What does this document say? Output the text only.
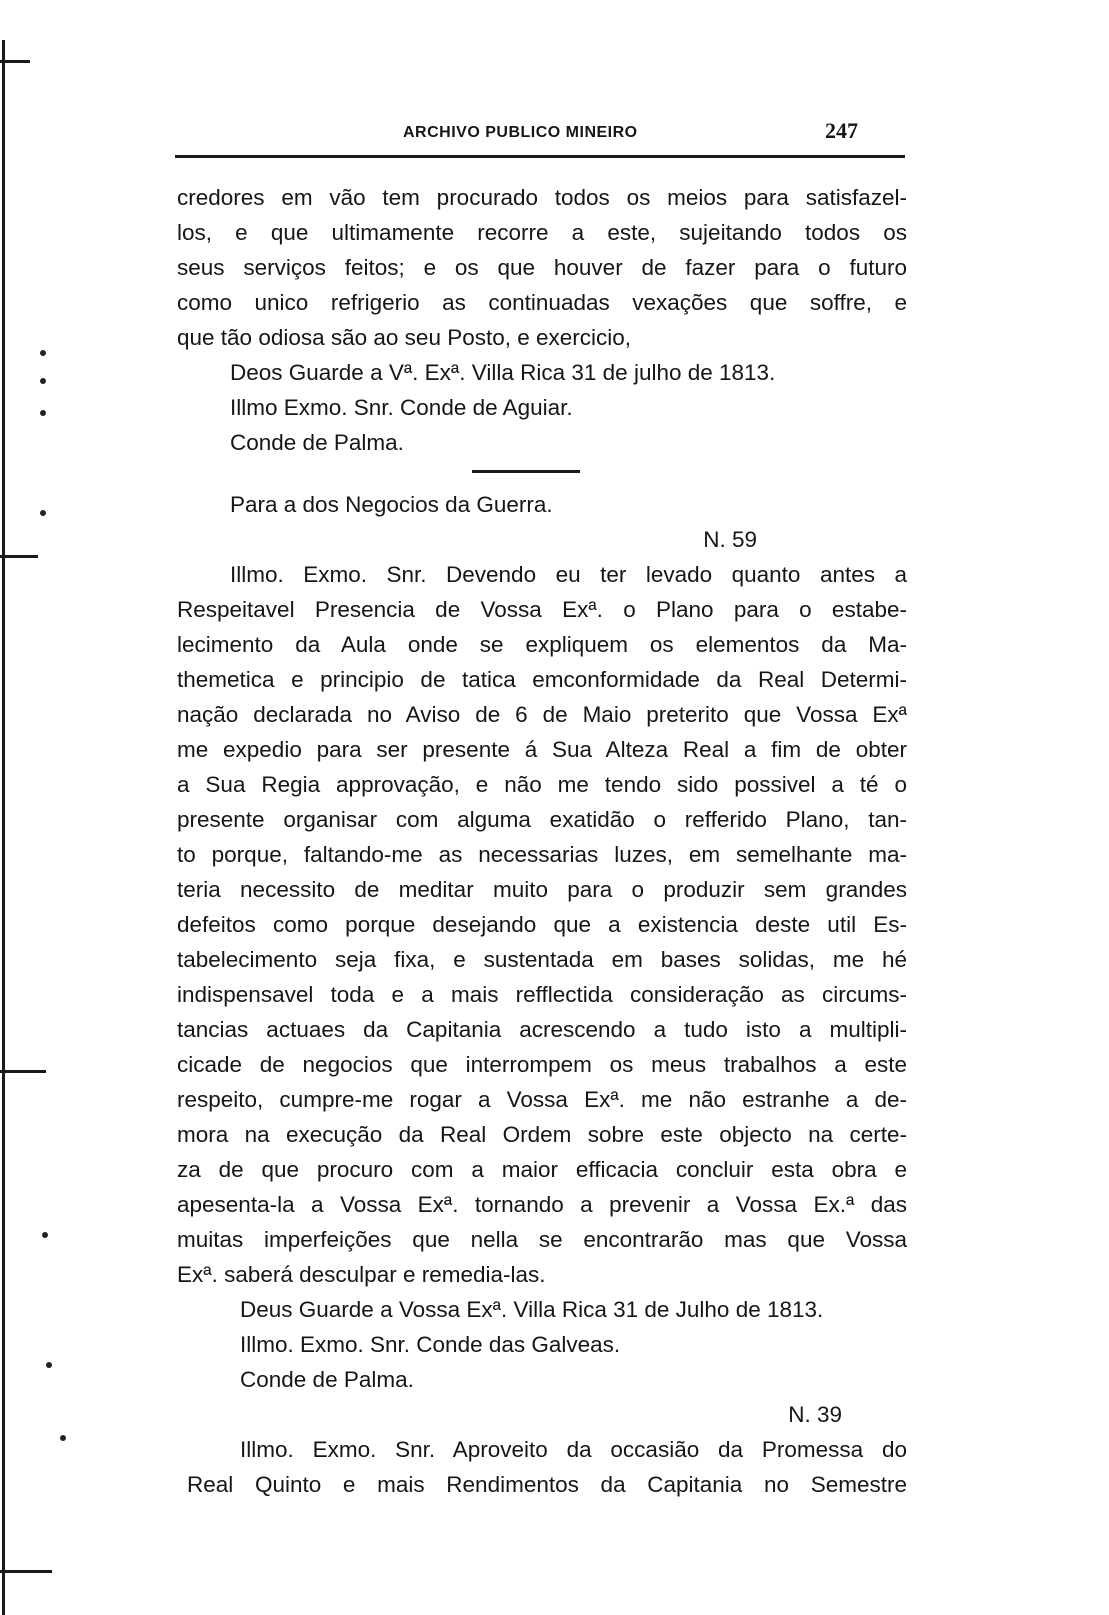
ARCHIVO PUBLICO MINEIRO	247
credores em vão tem procurado todos os meios para satisfazel-
los, e que ultimamente recorre a este, sujeitando todos os
seus serviços feitos; e os que houver de fazer para o futuro
como unico refrigerio as continuadas vexações que soffre, e
que tão odiosa são ao seu Posto, e exercicio,
Deos Guarde a Vª. Exª. Villa Rica 31 de julho de 1813.
Illmo Exmo. Snr. Conde de Aguiar.
Conde de Palma.
Para a dos Negocios da Guerra.
N. 59
Illmo. Exmo. Snr. Devendo eu ter levado quanto antes a
Respeitavel Presencia de Vossa Exª. o Plano para o estabe-
lecimento da Aula onde se expliquem os elementos da Ma-
themetica e principio de tatica emconformidade da Real Determi-
nação declarada no Aviso de 6 de Maio preterito que Vossa Exª
me expedio para ser presente á Sua Alteza Real a fim de obter
a Sua Regia approvação, e não me tendo sido possivel a té o
presente organisar com alguma exatidão o refferido Plano, tan-
to porque, faltando-me as necessarias luzes, em semelhante ma-
teria necessito de meditar muito para o produzir sem grandes
defeitos como porque desejando que a existencia deste util Es-
tabelecimento seja fixa, e sustentada em bases solidas, me hé
indispensavel toda e a mais refflectida consideração as circums-
tancias actuaes da Capitania acrescendo a tudo isto a multipli-
cicade de negocios que interrompem os meus trabalhos a este
respeito, cumpre-me rogar a Vossa Exª. me não estranhe a de-
mora na execução da Real Ordem sobre este objecto na certe-
za de que procuro com a maior efficacia concluir esta obra e
apesenta-la a Vossa Exª. tornando a prevenir a Vossa Ex.ª das
muitas imperfeições que nella se encontrarão mas que Vossa
Exª. saberá desculpar e remedia-las.
Deus Guarde a Vossa Exª. Villa Rica 31 de Julho de 1813.
Illmo. Exmo. Snr. Conde das Galveas.
Conde de Palma.
N. 39
Illmo. Exmo. Snr. Aproveito da occasião da Promessa do
Real Quinto e mais Rendimentos da Capitania no Semestre
